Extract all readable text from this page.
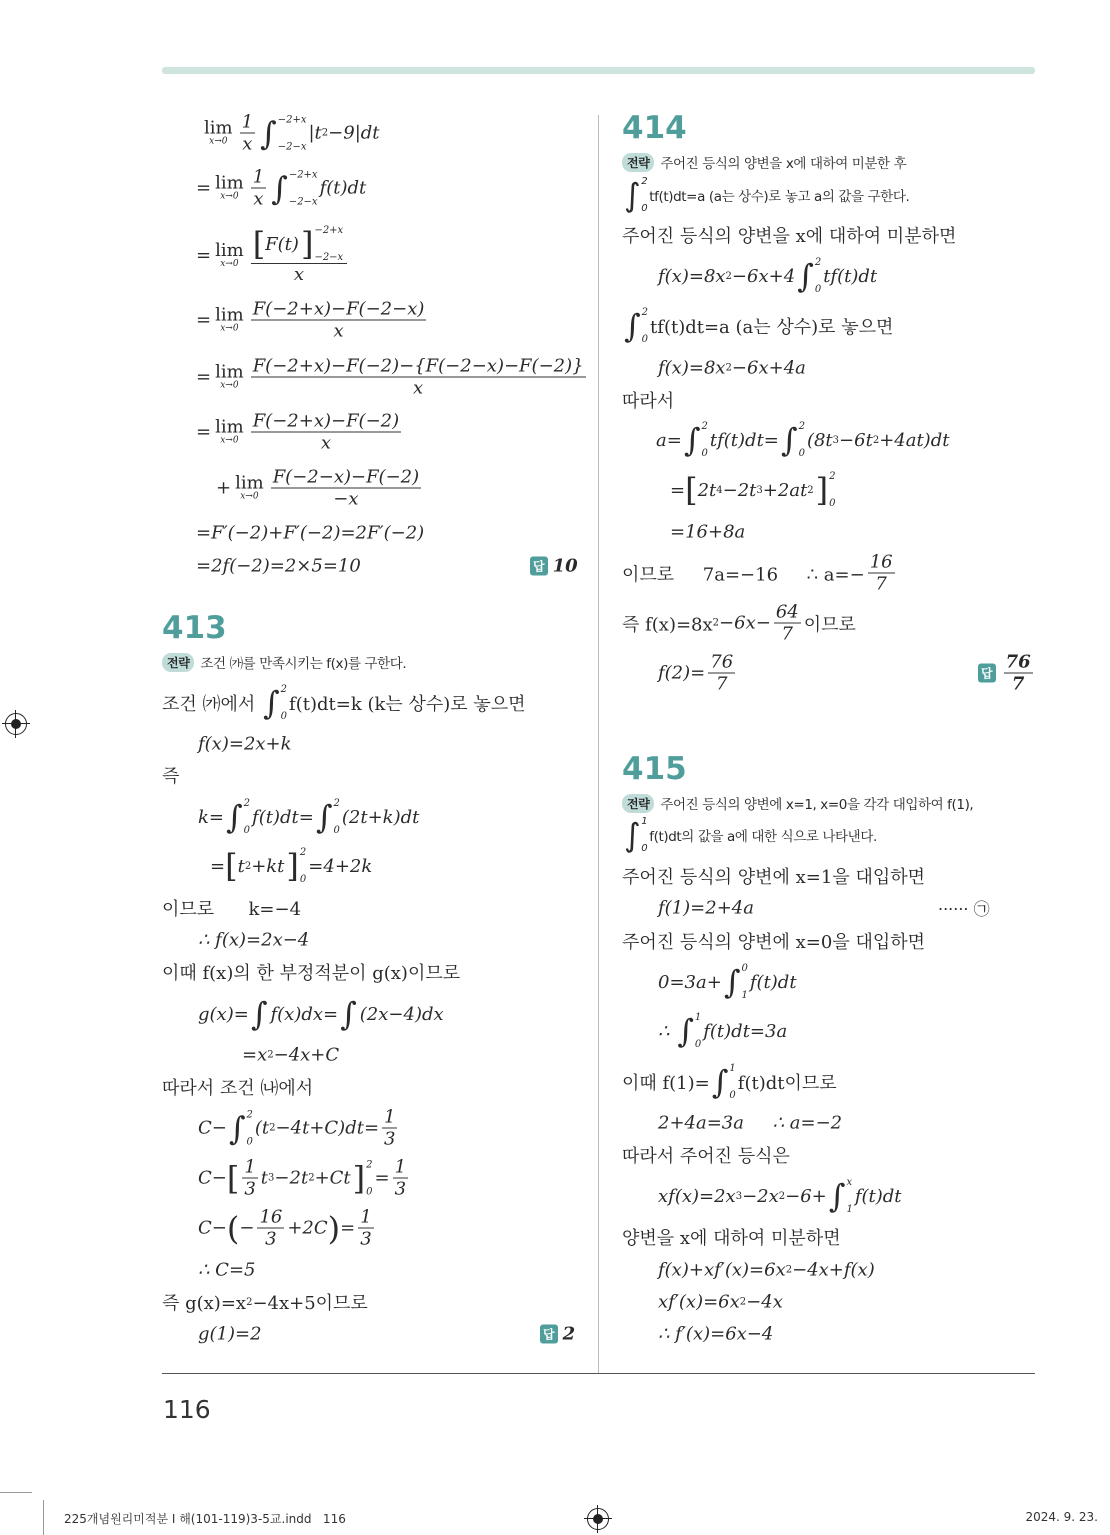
413
414
415
······ ㉠
lim
$x\to 0 \frac{1}{x}$ ∫ −2+x
−2−x
|t 2 −9|dt
= lim
$x\to 0 \frac{1}{x}$ ∫ −2+x
−2−x
f(t)dt
= lim
x→0 [ F(t) ] −2+x
−2−x
x
= lim
$x\to 0 \frac{F(-2+x)-F(-2-x)}{x}$
= lim
$x\to 0 \frac{F(-2+x)-F(-2)-\{F(-2-x)-F(-2)\}}{x}$
= lim
$x\to 0 \frac{F(-2+x)-F(-2)}{x}$
+ lim
$x\to 0 \frac{F(-2-x)-F(-2)}{-x}$
=F′(−2)+F′(−2)=2F′(−2)
=2f(−2)=2×5=10	답 10
전략 조건 ㈎를 만족시키는 f(x)를 구한다.
조건 ㈎에서 ∫ 2
0
f(t)dt=k (k는 상수)로 놓으면
f(x)=2x+k
즉
k= ∫ 2
0
f(t)dt= ∫ 2
0
(2t+k)dt
= [ t 2 +kt ] 2
0
=4+2k
이므로      k=−4
∴ f(x)=2x−4
이때 f(x)의 한 부정적분이 g(x)이므로
g(x)= ∫ f(x)dx= ∫ (2x−4)dx
=x 2 −4x+C
따라서 조건 ㈏에서
C− ∫ 2
0
(t $2 -4t+C)dt= \frac{1}{3}$
C− [ $\frac{1}{3}$ t 3 −2t 2 +Ct ] 2
0
= $\frac{1}{3}$
C− ( − $\frac{16}{3} +2C$ ) = $\frac{1}{3}$
∴ C=5
즉 g(x)=x 2 −4x+5이므로
g(1)=2	답 2
전략 주어진 등식의 양변을 x에 대하여 미분한 후
∫ 2
0
tf(t)dt=a (a는 상수)로 놓고 a의 값을 구한다.
주어진 등식의 양변을 x에 대하여 미분하면
f(x)=8x 2 −6x+4 ∫ 2
0
tf(t)dt
∫ 2
0
tf(t)dt=a (a는 상수)로 놓으면
f(x)=8x 2 −6x+4a
따라서
a= ∫ 2
0
tf(t)dt= ∫ 2
0
(8t 3 −6t 2 +4at)dt
= [ 2t 4 −2t 3 +2at 2 ] 2
0
=16+8a
이므로     7a=−16     ∴ $a=- \frac{16}{7}$
즉 f(x)=8x $2 -6x- \frac{64}{7}$ 이므로
$f(2)= \frac{76}{7}$	답 $\frac{76}{7}$
전략 주어진 등식의 양변에 x=1, x=0을 각각 대입하여 f(1),
∫ 1
0
f(t)dt의 값을 a에 대한 식으로 나타낸다.
주어진 등식의 양변에 x=1을 대입하면
f(1)=2+4a
주어진 등식의 양변에 x=0을 대입하면
0=3a+ ∫ 0
1
f(t)dt
∴ ∫ 1
0
f(t)dt=3a
이때 f(1)= ∫ 1
0
f(t)dt이므로
2+4a=3a     ∴ a=−2
따라서 주어진 등식은
xf(x)=2x 3 −2x 2 −6+ ∫ x
1
f(t)dt
양변을 x에 대하여 미분하면
f(x)+xf′(x)=6x 2 −4x+f(x)
xf′(x)=6x 2 −4x
∴ f′(x)=6x−4
116
225개념원리미적분 I 해(101-119)3-5교.indd   116	2024. 9. 23.
